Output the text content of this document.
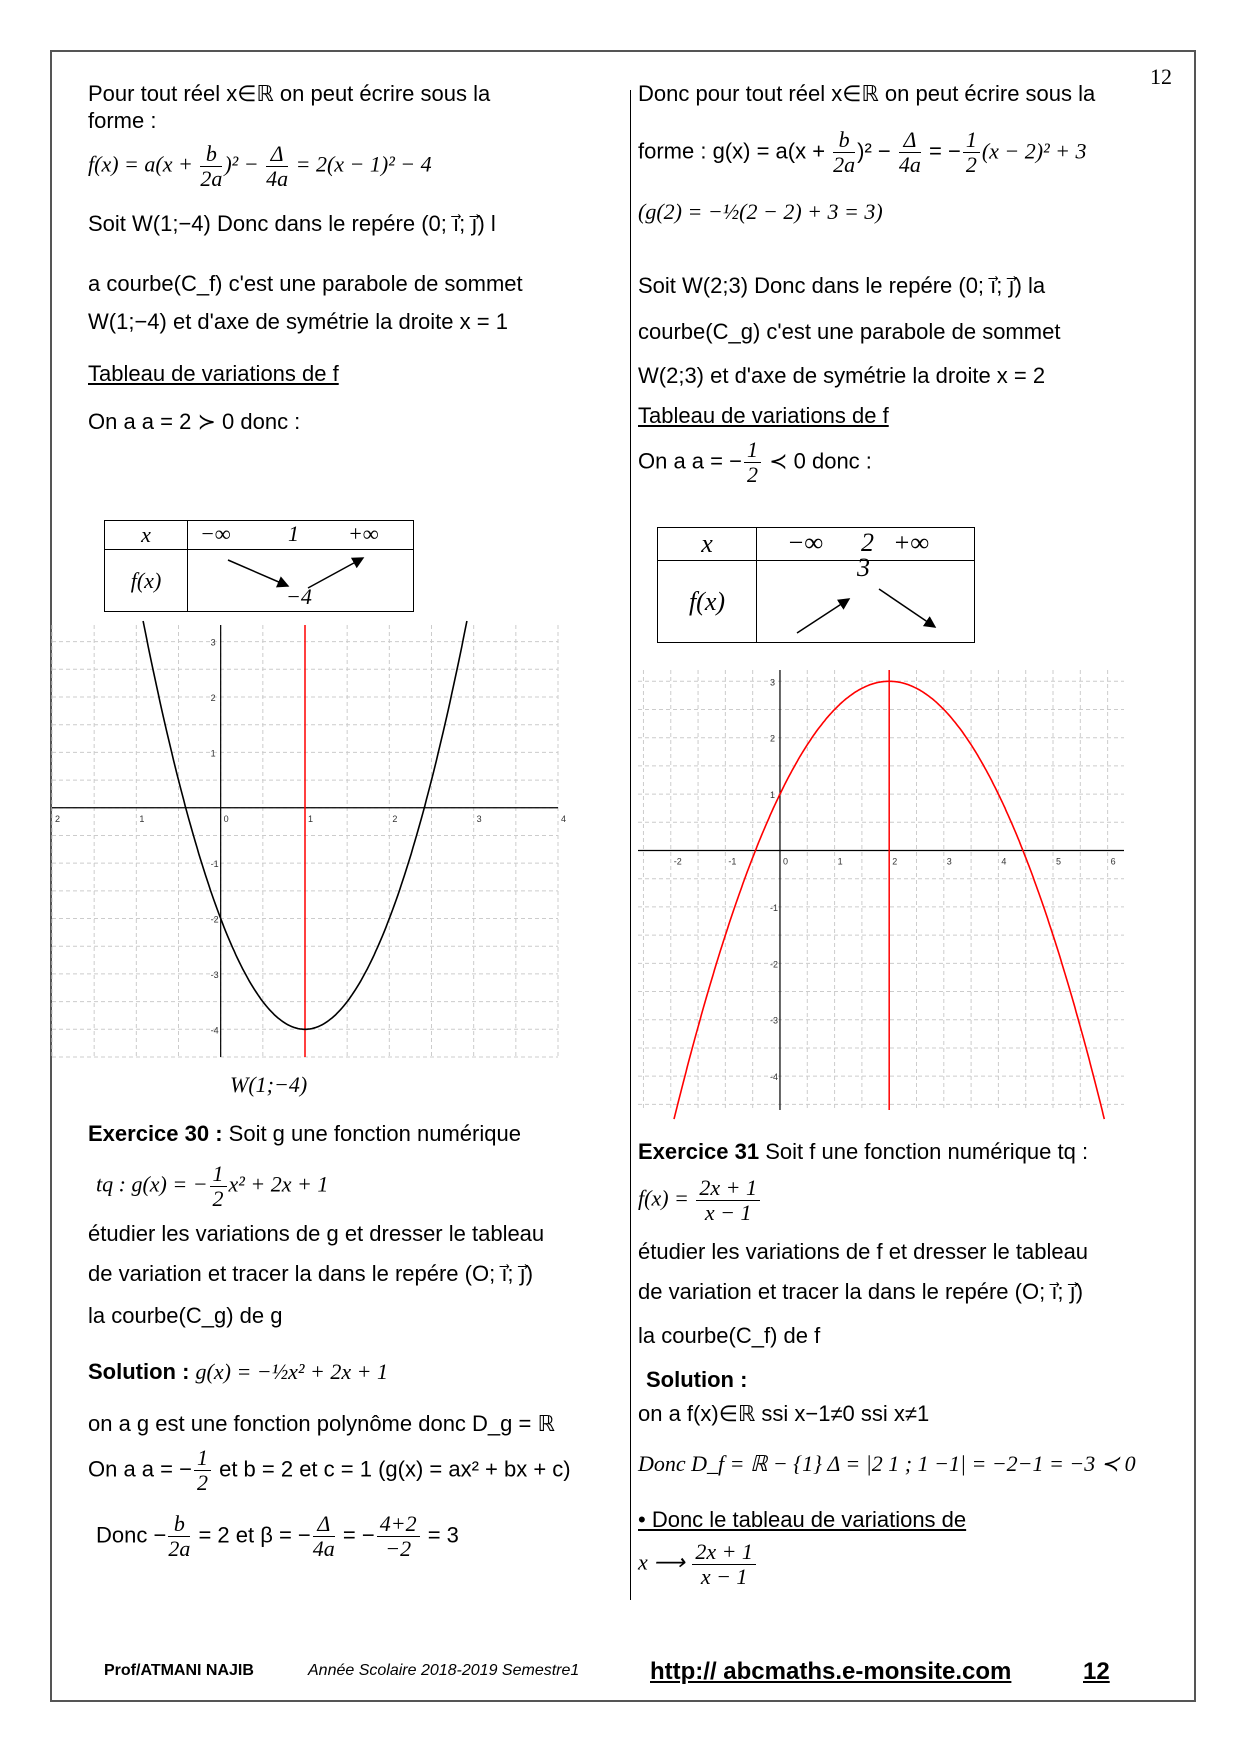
12
Pour tout réel x∈ℝ on peut écrire sous la
forme :
$f(x) = a(x + \frac{b}{2a} )^2 - \frac{\Delta}{4a} = 2(x - 1)^2 - 4$
Soit W(1;−4) Donc dans le repére (0; i⃗; j⃗) l
a courbe(C_f) c'est une parabole de sommet
W(1;−4) et d'axe de symétrie la droite x = 1
Tableau de variations de f
On a a = 2 ≻ 0 donc :
x	−∞ 1 +∞

f(x)	−4
2	1	0	1	2	3	4
3
2
1
-1
-2
-3
-4
W(1;−4)
Exercice 30 : Soit g une fonction numérique
tq : g(x) = − $\frac{1}{2} x^2 + 2x + 1$
étudier les variations de g et dresser le tableau
de variation et tracer la dans le repére (O; i⃗; j⃗)
la courbe(C_g) de g
Solution : g(x) = −½x² + 2x + 1
on a g est une fonction polynôme donc D_g = ℝ
On a a = − $\frac{1}{2}$ et b = 2 et c = 1 (g(x) = ax² + bx + c)
Donc − $\frac{b}{2a} = 2$ et β = − $\frac{\Delta}{4a}$ = − $\frac{4+2}{-2} = 3$
Donc pour tout réel x∈ℝ on peut écrire sous la
forme : $g(x) = a(x + \frac{b}{2a} )^2 - \frac{\Delta}{4a}$ = − $\frac{1}{2} (x - 2)^2 + 3$
(g(2) = −½(2 − 2) + 3 = 3)
Soit W(2;3) Donc dans le repére (0; i⃗; j⃗) la
courbe(C_g) c'est une parabole de sommet
W(2;3) et d'axe de symétrie la droite x = 2
Tableau de variations de f
On a a = − $\frac{1}{2}$ ≺ 0 donc :
x	−∞ 2 +∞

f(x)	3
-2	-1	0	1	2	3	4	5	6
3
2
1
-1
-2
-3
-4
Exercice 31 Soit f une fonction numérique tq :
$f(x) = \frac{2x + 1}{x - 1}$
étudier les variations de f et dresser le tableau
de variation et tracer la dans le repére (O; i⃗; j⃗)
la courbe(C_f) de f
Solution :
on a f(x)∈ℝ ssi x−1≠0 ssi x≠1
Donc D_f = ℝ − {1} Δ = |2 1 ; 1 −1| = −2−1 = −3 ≺ 0
• Donc le tableau de variations de
x ⟶ $\frac{2x + 1}{x - 1}$
Prof/ATMANI NAJIB	Année Scolaire 2018-2019 Semestre1	http:// abcmaths.e-monsite.com	12
